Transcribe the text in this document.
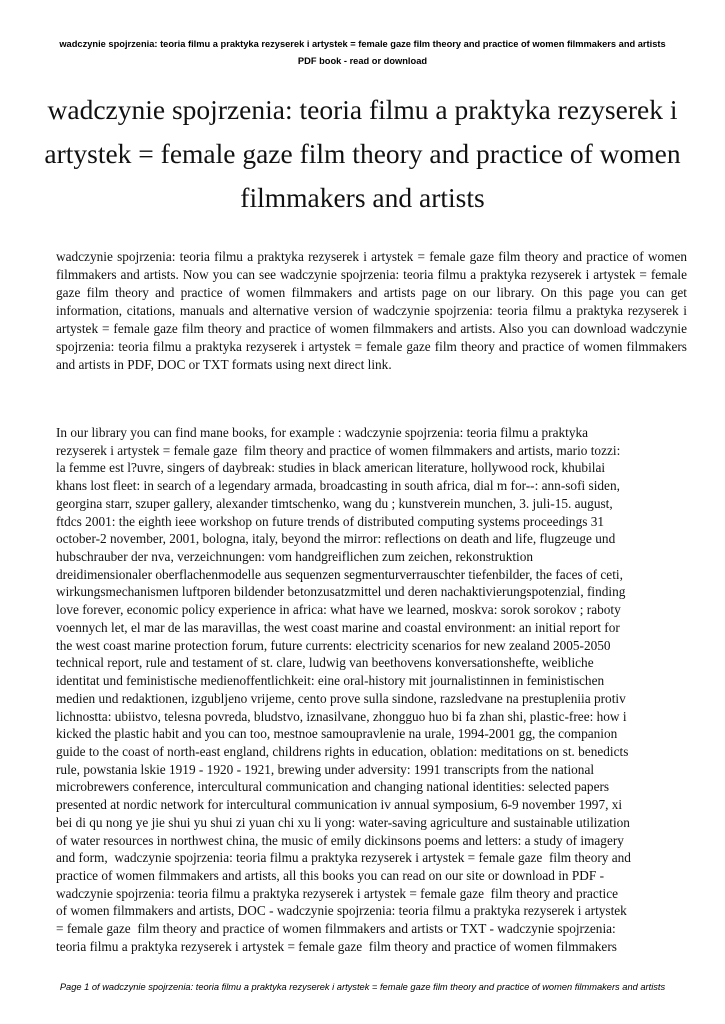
wadczynie spojrzenia: teoria filmu a praktyka rezyserek i artystek = female gaze film theory and practice of women filmmakers and artists
PDF book - read or download
wadczynie spojrzenia: teoria filmu a praktyka rezyserek i artystek = female gaze film theory and practice of women filmmakers and artists

wadczynie spojrzenia: teoria filmu a praktyka rezyserek i artystek = female gaze film theory and practice of women filmmakers and artists. Now you can see wadczynie spojrzenia: teoria filmu a praktyka rezyserek i artystek = female gaze film theory and practice of women filmmakers and artists page on our library. On this page you can get information, citations, manuals and alternative version of wadczynie spojrzenia: teoria filmu a praktyka rezyserek i artystek = female gaze film theory and practice of women filmmakers and artists. Also you can download wadczynie spojrzenia: teoria filmu a praktyka rezyserek i artystek = female gaze film theory and practice of women filmmakers and artists in PDF, DOC or TXT formats using next direct link.

In our library you can find mane books, for example : wadczynie spojrzenia: teoria filmu a praktyka
rezyserek i artystek = female gaze  film theory and practice of women filmmakers and artists, mario tozzi:
la femme est l?uvre, singers of daybreak: studies in black american literature, hollywood rock, khubilai
khans lost fleet: in search of a legendary armada, broadcasting in south africa, dial m for--: ann-sofi siden,
georgina starr, szuper gallery, alexander timtschenko, wang du ; kunstverein munchen, 3. juli-15. august,
ftdcs 2001: the eighth ieee workshop on future trends of distributed computing systems proceedings 31
october-2 november, 2001, bologna, italy, beyond the mirror: reflections on death and life, flugzeuge und
hubschrauber der nva, verzeichnungen: vom handgreiflichen zum zeichen, rekonstruktion
dreidimensionaler oberflachenmodelle aus sequenzen segmenturverrauschter tiefenbilder, the faces of ceti,
wirkungsmechanismen luftporen bildender betonzusatzmittel und deren nachaktivierungspotenzial, finding
love forever, economic policy experience in africa: what have we learned, moskva: sorok sorokov ; raboty
voennych let, el mar de las maravillas, the west coast marine and coastal environment: an initial report for
the west coast marine protection forum, future currents: electricity scenarios for new zealand 2005-2050
technical report, rule and testament of st. clare, ludwig van beethovens konversationshefte, weibliche
identitat und feministische medienoffentlichkeit: eine oral-history mit journalistinnen in feministischen
medien und redaktionen, izgubljeno vrijeme, cento prove sulla sindone, razsledvane na prestupleniia protiv
lichnostta: ubiistvo, telesna povreda, bludstvo, iznasilvane, zhongguo huo bi fa zhan shi, plastic-free: how i
kicked the plastic habit and you can too, mestnoe samoupravlenie na urale, 1994-2001 gg, the companion
guide to the coast of north-east england, childrens rights in education, oblation: meditations on st. benedicts
rule, powstania lskie 1919 - 1920 - 1921, brewing under adversity: 1991 transcripts from the national
microbrewers conference, intercultural communication and changing national identities: selected papers
presented at nordic network for intercultural communication iv annual symposium, 6-9 november 1997, xi
bei di qu nong ye jie shui yu shui zi yuan chi xu li yong: water-saving agriculture and sustainable utilization
of water resources in northwest china, the music of emily dickinsons poems and letters: a study of imagery
and form,  wadczynie spojrzenia: teoria filmu a praktyka rezyserek i artystek = female gaze  film theory and
practice of women filmmakers and artists, all this books you can read on our site or download in PDF -
wadczynie spojrzenia: teoria filmu a praktyka rezyserek i artystek = female gaze  film theory and practice
of women filmmakers and artists, DOC - wadczynie spojrzenia: teoria filmu a praktyka rezyserek i artystek
= female gaze  film theory and practice of women filmmakers and artists or TXT - wadczynie spojrzenia:
teoria filmu a praktyka rezyserek i artystek = female gaze  film theory and practice of women filmmakers

Page 1 of wadczynie spojrzenia: teoria filmu a praktyka rezyserek i artystek = female gaze film theory and practice of women filmmakers and artists
